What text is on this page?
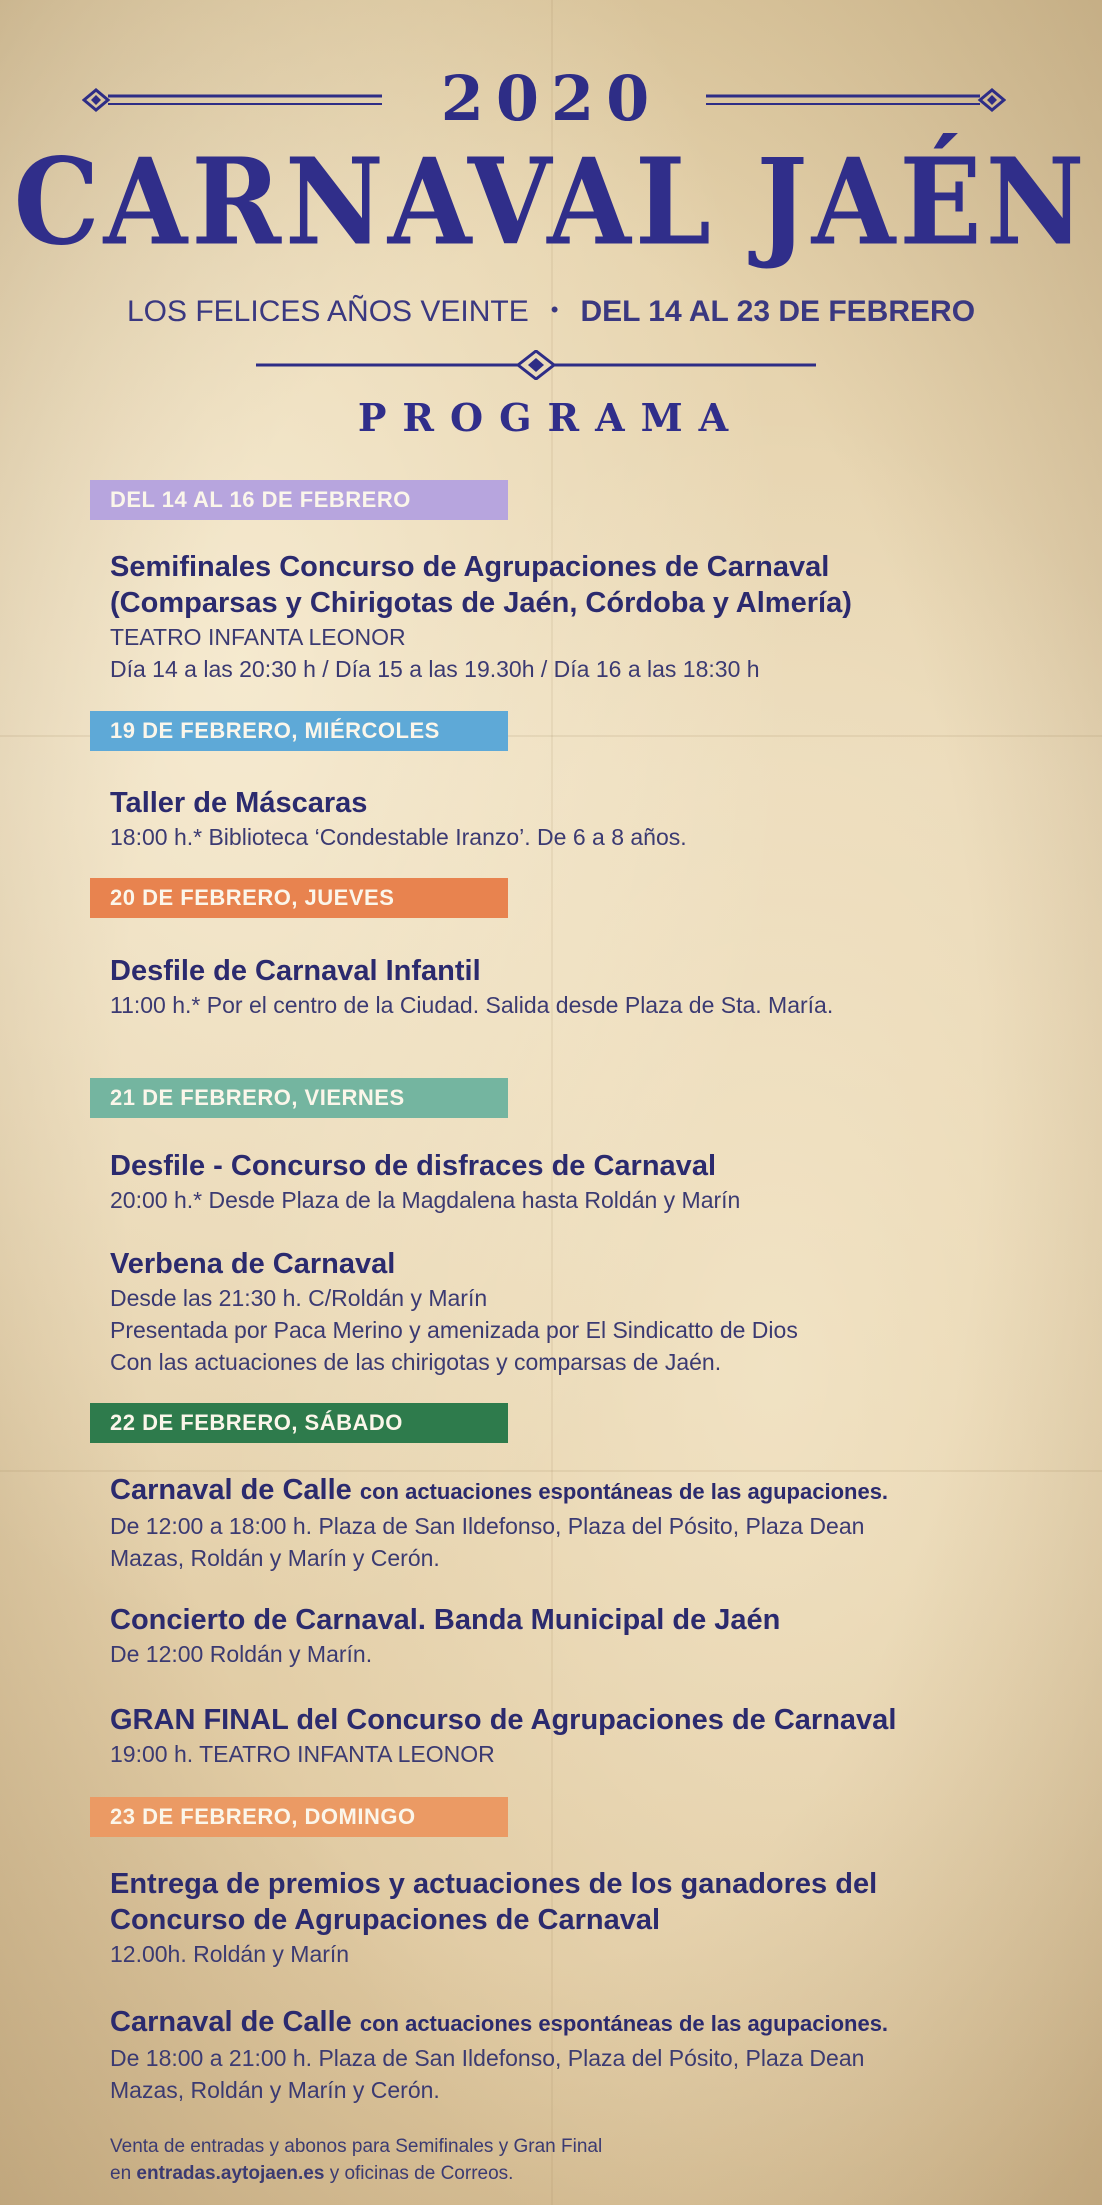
2020
CARNAVAL JAÉN
LOS FELICES AÑOS VEINTE • DEL 14 AL 23 DE FEBRERO
PROGRAMA
DEL 14 AL 16 DE FEBRERO
Semifinales Concurso de Agrupaciones de Carnaval
(Comparsas y Chirigotas de Jaén, Córdoba y Almería)
TEATRO INFANTA LEONOR
Día 14 a las 20:30 h / Día 15 a las 19.30h / Día 16 a las 18:30 h
19 DE FEBRERO, MIÉRCOLES
Taller de Máscaras
18:00 h.* Biblioteca ‘Condestable Iranzo’. De 6 a 8 años.
20 DE FEBRERO, JUEVES
Desfile de Carnaval Infantil
11:00 h.* Por el centro de la Ciudad. Salida desde Plaza de Sta. María.
21 DE FEBRERO, VIERNES
Desfile - Concurso de disfraces de Carnaval
20:00 h.* Desde Plaza de la Magdalena hasta Roldán y Marín
Verbena de Carnaval
Desde las 21:30 h. C/Roldán y Marín
Presentada por Paca Merino y amenizada por El Sindicatto de Dios
Con las actuaciones de las chirigotas y comparsas de Jaén.
22 DE FEBRERO, SÁBADO
Carnaval de Calle con actuaciones espontáneas de las agupaciones.
De 12:00 a 18:00 h. Plaza de San Ildefonso, Plaza del Pósito, Plaza Dean
Mazas, Roldán y Marín y Cerón.
Concierto de Carnaval. Banda Municipal de Jaén
De 12:00 Roldán y Marín.
GRAN FINAL del Concurso de Agrupaciones de Carnaval
19:00 h. TEATRO INFANTA LEONOR
23 DE FEBRERO, DOMINGO
Entrega de premios y actuaciones de los ganadores del
Concurso de Agrupaciones de Carnaval
12.00h. Roldán y Marín
Carnaval de Calle con actuaciones espontáneas de las agupaciones.
De 18:00 a 21:00 h. Plaza de San Ildefonso, Plaza del Pósito, Plaza Dean
Mazas, Roldán y Marín y Cerón.
Venta de entradas y abonos para Semifinales y Gran Final
en entradas.aytojaen.es y oficinas de Correos.
